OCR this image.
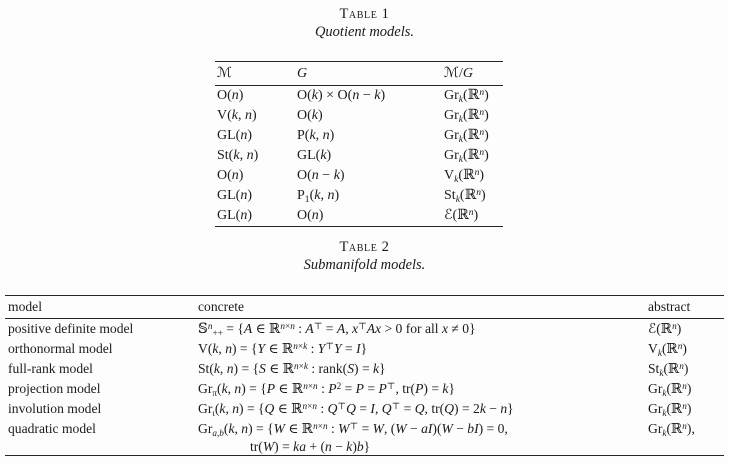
Table 1
Quotient models.
ℳ	G	ℳ/G
O(n)	O(k) × O(n − k)	$Gr_k(ℝ^n)$
V(k, n)	O(k)	$Gr_k(ℝ^n)$
GL(n)	P(k, n)	$Gr_k(ℝ^n)$
St(k, n)	GL(k)	$Gr_k(ℝ^n)$
O(n)	O(n − k)	$V_k(ℝ^n)$
GL(n)	$P_1(k$, n)	$St_k(ℝ^n)$
GL(n)	O(n)	ℰ(ℝ$^n$)
Table 2
Submanifold models.
model	concrete	abstract
positive definite model	𝕊$^n_{++}$ = {A ∈ ℝ$^{n\times n}$ : A⊤ = A, x⊤Ax > 0 for all x ≠ 0}	ℰ(ℝ$^n$)
orthonormal model	V(k, n) = {Y ∈ ℝ$^{n\times k}$ : Y⊤Y = I}	$V_k(ℝ^n)$
full-rank model	St(k, n) = {S ∈ ℝ$^{n\times k}$ : rank(S) = k}	$St_k(ℝ^n)$
projection model	$Gr_\pi(k$, n) = {P ∈ ℝ$^{n\times n}$ : $P^2 = P = P^⊤$, tr(P) = k}	$Gr_k(ℝ^n)$
involution model	$Gr_\iota(k$, n) = {Q ∈ ℝ$^{n\times n}$ : Q⊤Q = I, Q⊤ = Q, tr(Q) = 2k − n}	$Gr_k(ℝ^n)$
quadratic model	$Gr_{a,b}(k$, n) = {W ∈ ℝ$^{n\times n}$ : W⊤ = W, (W − aI)(W − bI) = 0,
tr(W) = ka + (n − k)b}	$Gr_k(ℝ^n)$,
